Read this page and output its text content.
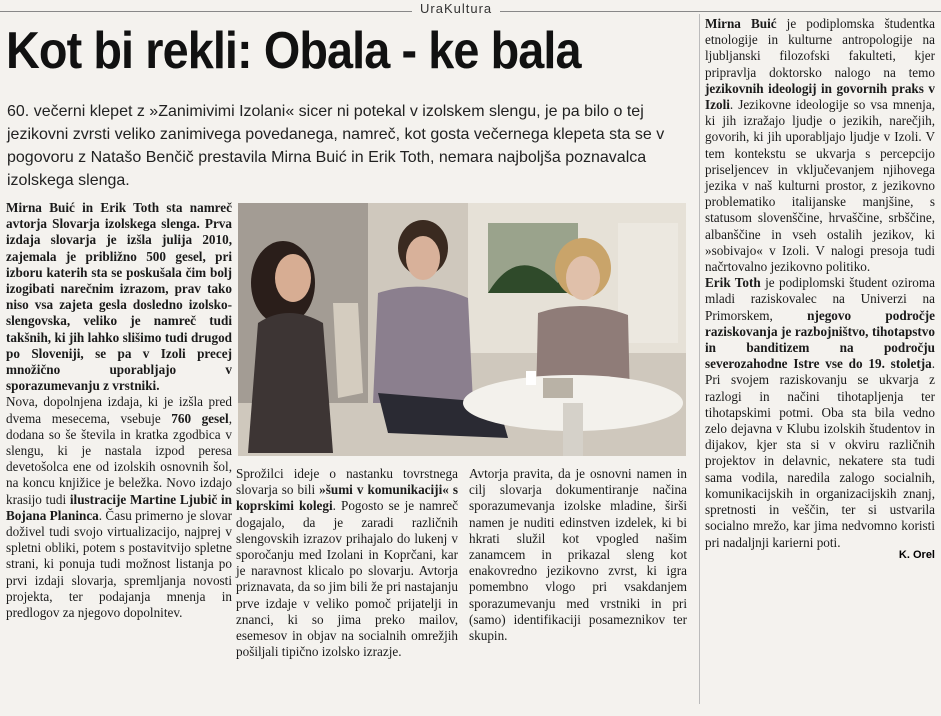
UraKultura
Kot bi rekli: Obala - ke bala

60. večerni klepet z »Zanimivimi Izolani« sicer ni potekal v izolskem slengu, je pa bilo o tej jezikovni zvrsti veliko zanimivega povedanega, namreč, kot gosta večernega klepeta sta se v pogovoru z Natašo Benčič prestavila Mirna Buić in Erik Toth, nemara najboljša poznavalca izolskega slenga.

Mirna Buić in Erik Toth sta namreč avtorja Slovarja izolskega slenga. Prva izdaja slovarja je izšla julija 2010, zajemala je približno 500 gesel, pri izboru katerih sta se poskušala čim bolj izogibati narečnim izrazom, prav tako niso vsa zajeta gesla dosledno izolsko-slengovska, veliko je namreč tudi takšnih, ki jih lahko slišimo tudi drugod po Sloveniji, se pa v Izoli precej množično uporabljajo v sporazumevanju z vrstniki.

Nova, dopolnjena izdaja, ki je izšla pred dvema mesecema, vsebuje 760 gesel, dodana so še števila in kratka zgodbica v slengu, ki je nastala izpod peresa devetošolca ene od izolskih osnovnih šol, na koncu knjižice je beležka. Novo izdajo krasijo tudi ilustracije Martine Ljubič in Bojana Planinca. Času primerno je slovar doživel tudi svojo virtualizacijo, najprej v spletni obliki, potem s postavitvijo spletne strani, ki ponuja tudi možnost listanja po prvi izdaji slovarja, spremljanja novosti projekta, ter podajanja mnenja in predlogov za njegovo dopolnitev.

Sprožilci ideje o nastanku tovrstnega slovarja so bili »šumi v komunikaciji« s koprskimi kolegi. Pogosto se je namreč dogajalo, da je zaradi različnih slengovskih izrazov prihajalo do lukenj v sporočanju med Izolani in Koprčani, kar je naravnost klicalo po slovarju. Avtorja priznavata, da so jim bili že pri nastajanju prve izdaje v veliko pomoč prijatelji in znanci, ki so jima preko mailov, esemesov in objav na socialnih omrežjih pošiljali tipično izolsko izrazje.

Avtorja pravita, da je osnovni namen in cilj slovarja dokumentiranje načina sporazumevanja izolske mladine, širši namen je nuditi edinstven izdelek, ki bi hkrati služil kot vpogled našim zanamcem in prikazal sleng kot enakovredno jezikovno zvrst, ki igra pomembno vlogo pri vsakdanjem sporazumevanju med vrstniki in pri (samo) identifikaciji posameznikov ter skupin.

Mirna Buić je podiplomska študentka etnologije in kulturne antropologije na ljubljanski filozofski fakulteti, kjer pripravlja doktorsko nalogo na temo jezikovnih ideologij in govornih praks v Izoli. Jezikovne ideologije so vsa mnenja, ki jih izražajo ljudje o jezikih, narečjih, govorih, ki jih uporabljajo ljudje v Izoli. V tem kontekstu se ukvarja s percepcijo priseljencev in vključevanjem njihovega jezika v naš kulturni prostor, z jezikovno problematiko italijanske manjšine, s statusom slovenščine, hrvaščine, srbščine, albanščine in vseh ostalih jezikov, ki »sobivajo« v Izoli. V nalogi presoja tudi načrtovalno jezikovno politiko.

Erik Toth je podiplomski študent oziroma mladi raziskovalec na Univerzi na Primorskem, njegovo področje raziskovanja je razbojništvo, tihotapstvo in banditizem na področju severozahodne Istre vse do 19. stoletja. Pri svojem raziskovanju se ukvarja z razlogi in načini tihotapljenja ter tihotapskimi potmi. Oba sta bila vedno zelo dejavna v Klubu izolskih študentov in dijakov, kjer sta si v okviru različnih projektov in delavnic, nekatere sta tudi sama vodila, naredila zalogo socialnih, komunikacijskih in organizacijskih znanj, spretnosti in veščin, ter si ustvarila socialno mrežo, kar jima nedvomno koristi pri nadaljnji karierni poti.

K. Orel
